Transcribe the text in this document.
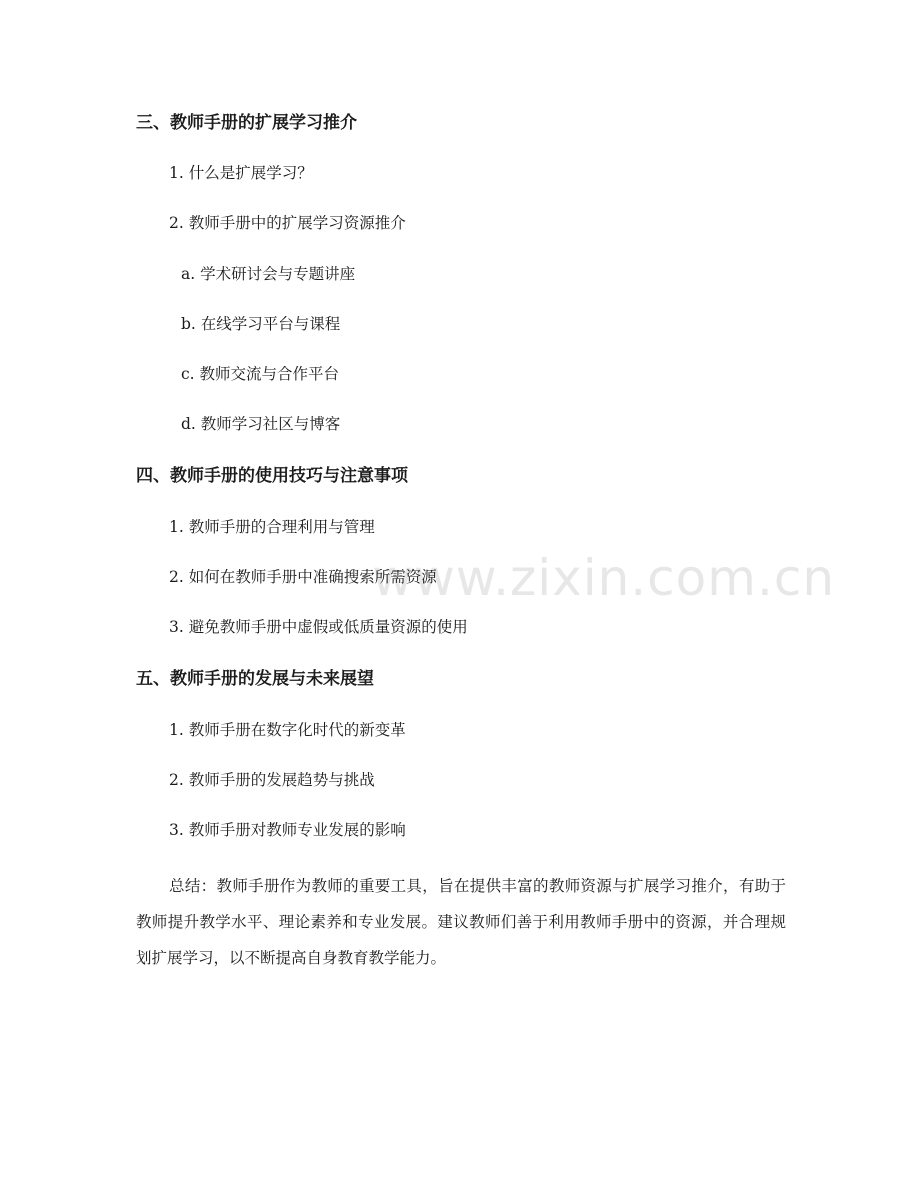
www.zixin.com.cn
三、教师手册的扩展学习推介
1. 什么是扩展学习？
2. 教师手册中的扩展学习资源推介
a. 学术研讨会与专题讲座
b. 在线学习平台与课程
c. 教师交流与合作平台
d. 教师学习社区与博客
四、教师手册的使用技巧与注意事项
1. 教师手册的合理利用与管理
2. 如何在教师手册中准确搜索所需资源
3. 避免教师手册中虚假或低质量资源的使用
五、教师手册的发展与未来展望
1. 教师手册在数字化时代的新变革
2. 教师手册的发展趋势与挑战
3. 教师手册对教师专业发展的影响
总结：教师手册作为教师的重要工具，旨在提供丰富的教师资源与扩展学习推介，有助于教师提升教学水平、理论素养和专业发展。建议教师们善于利用教师手册中的资源，并合理规划扩展学习，以不断提高自身教育教学能力。
